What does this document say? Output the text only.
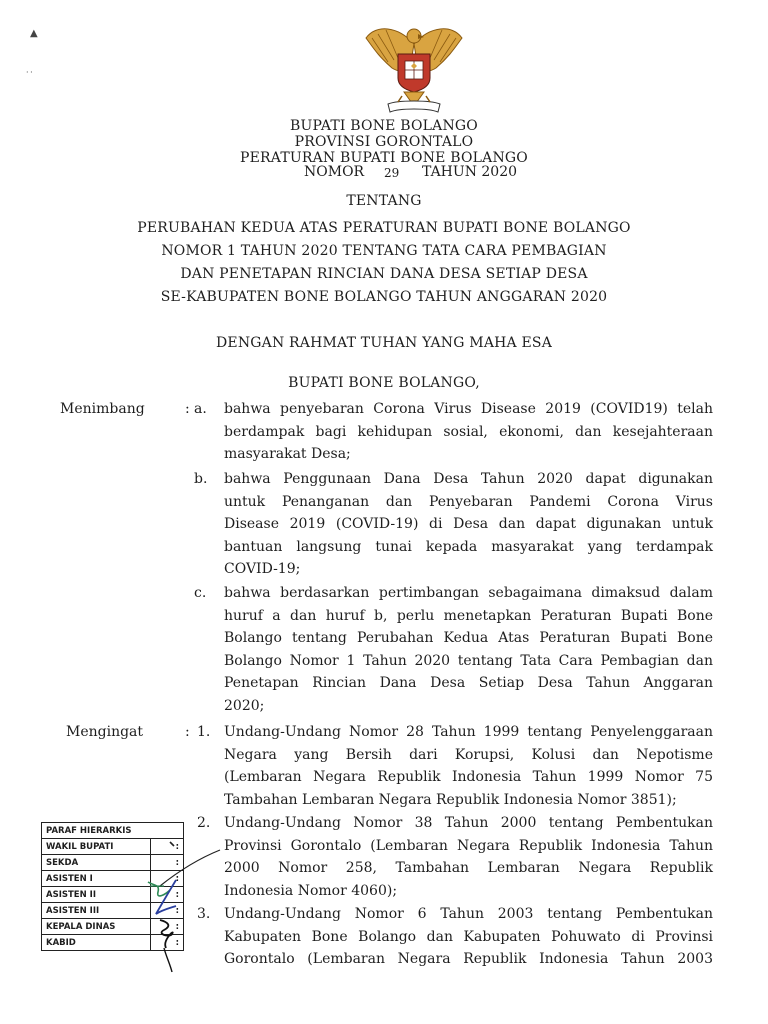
▲
· ·
BUPATI BONE BOLANGO
PROVINSI GORONTALO
PERATURAN BUPATI BONE BOLANGO
NOMOR 29 TAHUN 2020
TENTANG
PERUBAHAN KEDUA ATAS PERATURAN BUPATI BONE BOLANGO
NOMOR 1 TAHUN 2020 TENTANG TATA CARA PEMBAGIAN
DAN PENETAPAN RINCIAN DANA DESA SETIAP DESA
SE-KABUPATEN BONE BOLANGO TAHUN ANGGARAN 2020
DENGAN RAHMAT TUHAN YANG MAHA ESA
BUPATI BONE BOLANGO,
Menimbang	: a. bahwa penyebaran Corona Virus Disease 2019 (COVID19) telah
berdampak bagi kehidupan sosial, ekonomi, dan kesejahteraan
masyarakat Desa;
b. bahwa Penggunaan Dana Desa Tahun 2020 dapat digunakan
untuk Penanganan dan Penyebaran Pandemi Corona Virus
Disease 2019 (COVID-19) di Desa dan dapat digunakan untuk
bantuan langsung tunai kepada masyarakat yang terdampak
COVID-19;
c. bahwa berdasarkan pertimbangan sebagaimana dimaksud dalam
huruf a dan huruf b, perlu menetapkan Peraturan Bupati Bone
Bolango tentang Perubahan Kedua Atas Peraturan Bupati Bone
Bolango Nomor 1 Tahun 2020 tentang Tata Cara Pembagian dan
Penetapan Rincian Dana Desa Setiap Desa Tahun Anggaran
2020;
Mengingat	: 1. Undang-Undang Nomor 28 Tahun 1999 tentang Penyelenggaraan
Negara yang Bersih dari Korupsi, Kolusi dan Nepotisme
(Lembaran Negara Republik Indonesia Tahun 1999 Nomor 75
Tambahan Lembaran Negara Republik Indonesia Nomor 3851);
2. Undang-Undang Nomor 38 Tahun 2000 tentang Pembentukan
Provinsi Gorontalo (Lembaran Negara Republik Indonesia Tahun
2000 Nomor 258, Tambahan Lembaran Negara Republik
Indonesia Nomor 4060);
3. Undang-Undang Nomor 6 Tahun 2003 tentang Pembentukan
Kabupaten Bone Bolango dan Kabupaten Pohuwato di Provinsi
Gorontalo (Lembaran Negara Republik Indonesia Tahun 2003
PARAF HIERARKIS	
WAKIL BUPATI	:
SEKDA	:
ASISTEN I	:
ASISTEN II	:
ASISTEN III	:
KEPALA DINAS	:
KABID	:
